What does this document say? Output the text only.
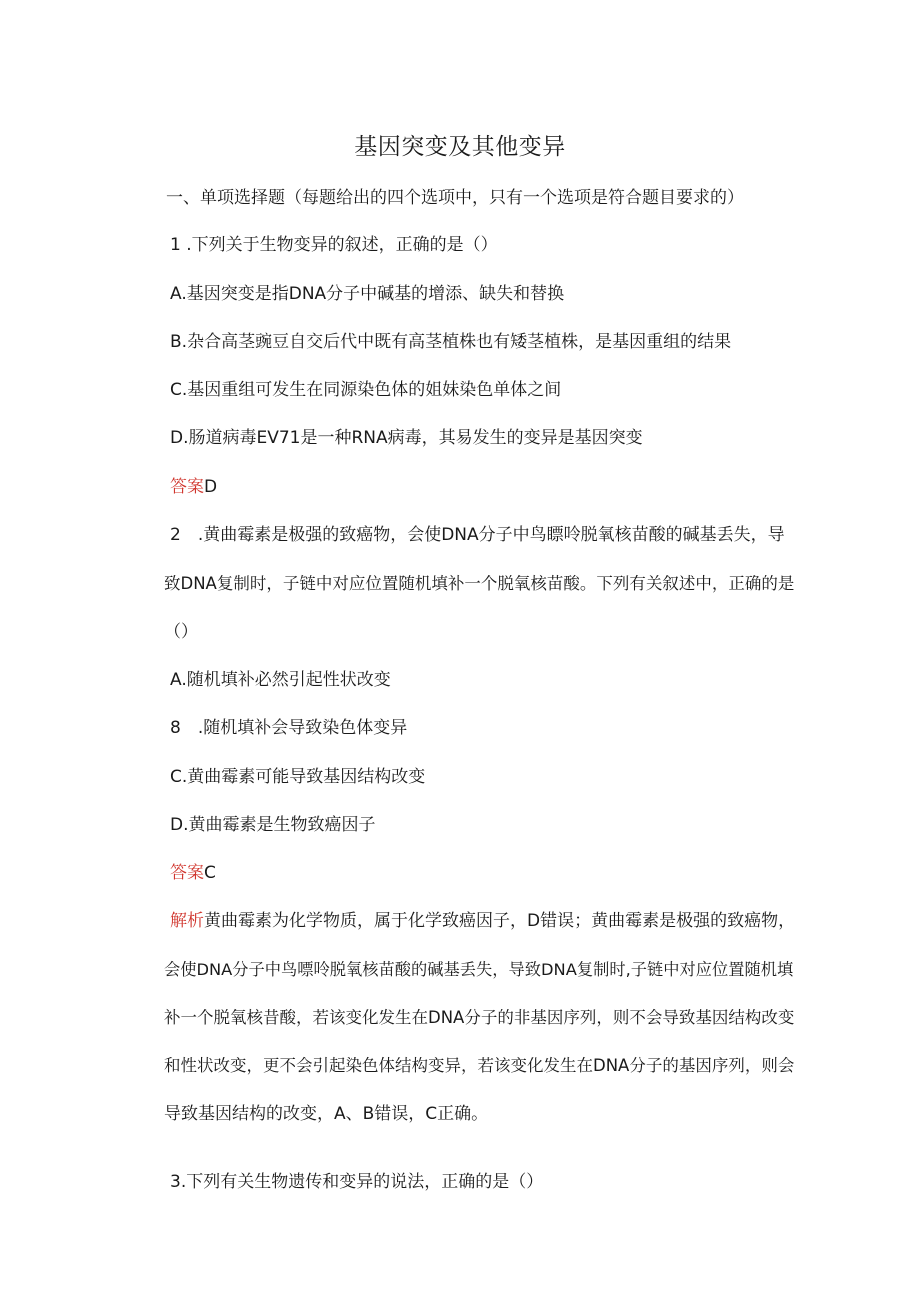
基因突变及其他变异
一、单项选择题（每题给出的四个选项中，只有一个选项是符合题目要求的）
1 .下列关于生物变异的叙述，正确的是（）
A.基因突变是指DNA分子中碱基的增添、缺失和替换
B.杂合高茎豌豆自交后代中既有高茎植株也有矮茎植株，是基因重组的结果
C.基因重组可发生在同源染色体的姐妹染色单体之间
D.肠道病毒EV71是一种RNA病毒，其易发生的变异是基因突变
答案D
2　.黄曲霉素是极强的致癌物，会使DNA分子中鸟瞟呤脱氧核苗酸的碱基丢失，导
致DNA复制时，子链中对应位置随机填补一个脱氧核苗酸。下列有关叙述中，正确的是
（）
A.随机填补必然引起性状改变
8　.随机填补会导致染色体变异
C.黄曲霉素可能导致基因结构改变
D.黄曲霉素是生物致癌因子
答案C
解析黄曲霉素为化学物质，属于化学致癌因子，D错误；黄曲霉素是极强的致癌物，
会使DNA分子中鸟嘌呤脱氧核苗酸的碱基丢失，导致DNA复制时,子链中对应位置随机填
补一个脱氧核昔酸，若该变化发生在DNA分子的非基因序列，则不会导致基因结构改变
和性状改变，更不会引起染色体结构变异，若该变化发生在DNA分子的基因序列，则会
导致基因结构的改变，A、B错误，C正确。
3.下列有关生物遗传和变异的说法，正确的是（）
